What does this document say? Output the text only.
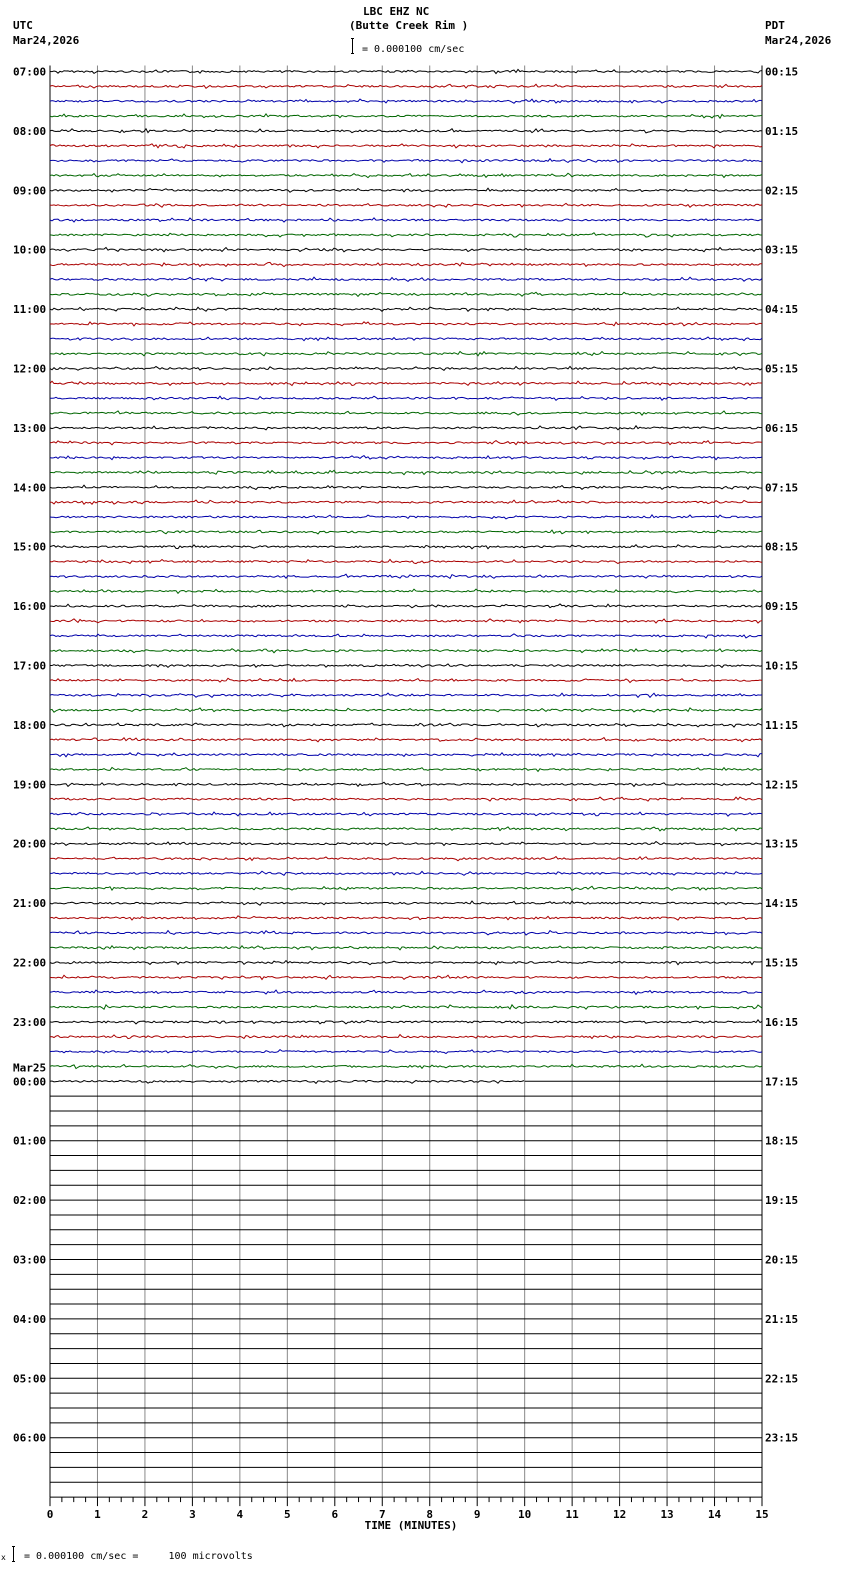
LBC EHZ NC
(Butte Creek Rim )
= 0.000100 cm/sec
UTC
Mar24,2026
PDT
Mar24,2026
0	1	2	3	4	5	6	7	8	9	10	11	12	13	14	15
TIME (MINUTES)
07:00
08:00
09:00
10:00
11:00
12:00
13:00
14:00
15:00
16:00
17:00
18:00
19:00
20:00
21:00
22:00
23:00
00:00
Mar25
01:00
02:00
03:00
04:00
05:00
06:00
00:15
01:15
02:15
03:15
04:15
05:15
06:15
07:15
08:15
09:15
10:15
11:15
12:15
13:15
14:15
15:15
16:15
17:15
18:15
19:15
20:15
21:15
22:15
23:15
x = 0.000100 cm/sec =     100 microvolts
